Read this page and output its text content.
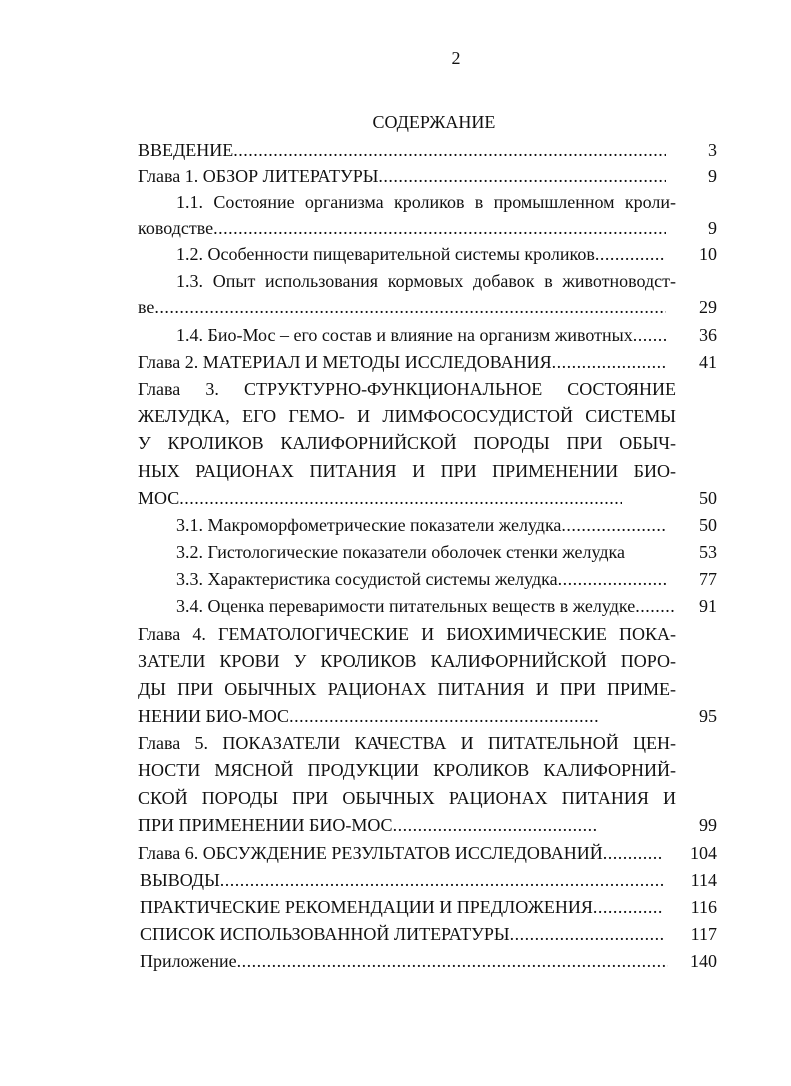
2
СОДЕРЖАНИЕ
ВВЕДЕНИЕ .....	3
Глава 1. ОБЗОР ЛИТЕРАТУРЫ .....	9
1.1. Состояние организма кроликов в промышленном кроли-
ководстве .....	9
1.2. Особенности пищеварительной системы кроликов .....	10
1.3. Опыт использования кормовых добавок в животноводст-
ве .....	29
1.4. Био-Мос – его состав и влияние на организм животных .....	36
Глава 2. МАТЕРИАЛ И МЕТОДЫ ИССЛЕДОВАНИЯ .....	41
Глава 3. СТРУКТУРНО-ФУНКЦИОНАЛЬНОЕ СОСТОЯНИЕ
ЖЕЛУДКА, ЕГО ГЕМО- И ЛИМФОСОСУДИСТОЙ СИСТЕМЫ
У КРОЛИКОВ КАЛИФОРНИЙСКОЙ ПОРОДЫ ПРИ ОБЫЧ-
НЫХ РАЦИОНАХ ПИТАНИЯ И ПРИ ПРИМЕНЕНИИ БИО-
МОС .....	50
3.1. Макроморфометрические показатели желудка .....	50
3.2. Гистологические показатели оболочек стенки желудка	53
3.3. Характеристика сосудистой системы желудка .....	77
3.4. Оценка переваримости питательных веществ в желудке .....	91
Глава 4. ГЕМАТОЛОГИЧЕСКИЕ И БИОХИМИЧЕСКИЕ ПОКА-
ЗАТЕЛИ КРОВИ У КРОЛИКОВ КАЛИФОРНИЙСКОЙ ПОРО-
ДЫ ПРИ ОБЫЧНЫХ РАЦИОНАХ ПИТАНИЯ И ПРИ ПРИМЕ-
НЕНИИ БИО-МОС .....	95
Глава 5. ПОКАЗАТЕЛИ КАЧЕСТВА И ПИТАТЕЛЬНОЙ ЦЕН-
НОСТИ МЯСНОЙ ПРОДУКЦИИ КРОЛИКОВ КАЛИФОРНИЙ-
СКОЙ ПОРОДЫ ПРИ ОБЫЧНЫХ РАЦИОНАХ ПИТАНИЯ И
ПРИ ПРИМЕНЕНИИ БИО-МОС .....	99
Глава 6. ОБСУЖДЕНИЕ РЕЗУЛЬТАТОВ ИССЛЕДОВАНИЙ .....	104
ВЫВОДЫ .....	114
ПРАКТИЧЕСКИЕ РЕКОМЕНДАЦИИ И ПРЕДЛОЖЕНИЯ .....	116
СПИСОК ИСПОЛЬЗОВАННОЙ ЛИТЕРАТУРЫ .....	117
Приложение .....	140
